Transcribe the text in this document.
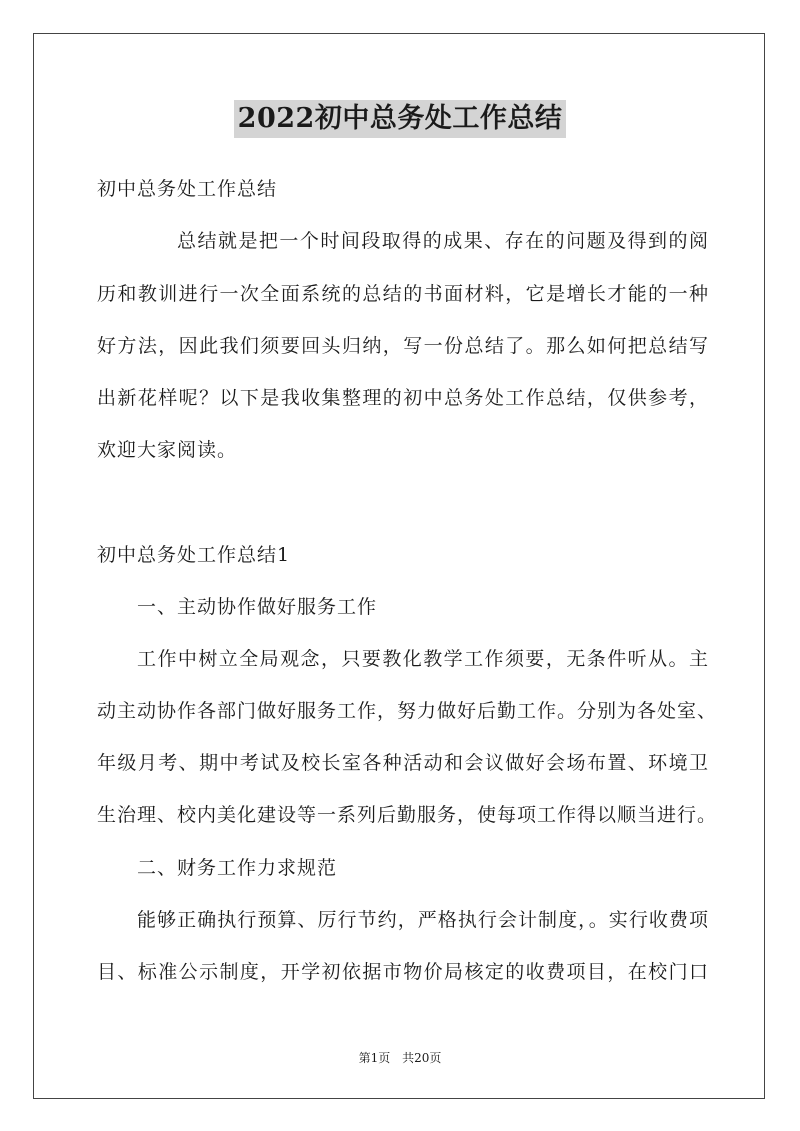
2022初中总务处工作总结
初中总务处工作总结
总结就是把一个时间段取得的成果、存在的问题及得到的阅
历和教训进行一次全面系统的总结的书面材料，它是增长才能的一种
好方法，因此我们须要回头归纳，写一份总结了。那么如何把总结写
出新花样呢？以下是我收集整理的初中总务处工作总结，仅供参考，
欢迎大家阅读。
初中总务处工作总结1
一、主动协作做好服务工作
工作中树立全局观念，只要教化教学工作须要，无条件听从。主
动主动协作各部门做好服务工作，努力做好后勤工作。分别为各处室、
年级月考、期中考试及校长室各种活动和会议做好会场布置、环境卫
生治理、校内美化建设等一系列后勤服务，使每项工作得以顺当进行。
二、财务工作力求规范
能够正确执行预算、厉行节约，严格执行会计制度，。实行收费项
目、标准公示制度，开学初依据市物价局核定的收费项目，在校门口
第1页 共20页
